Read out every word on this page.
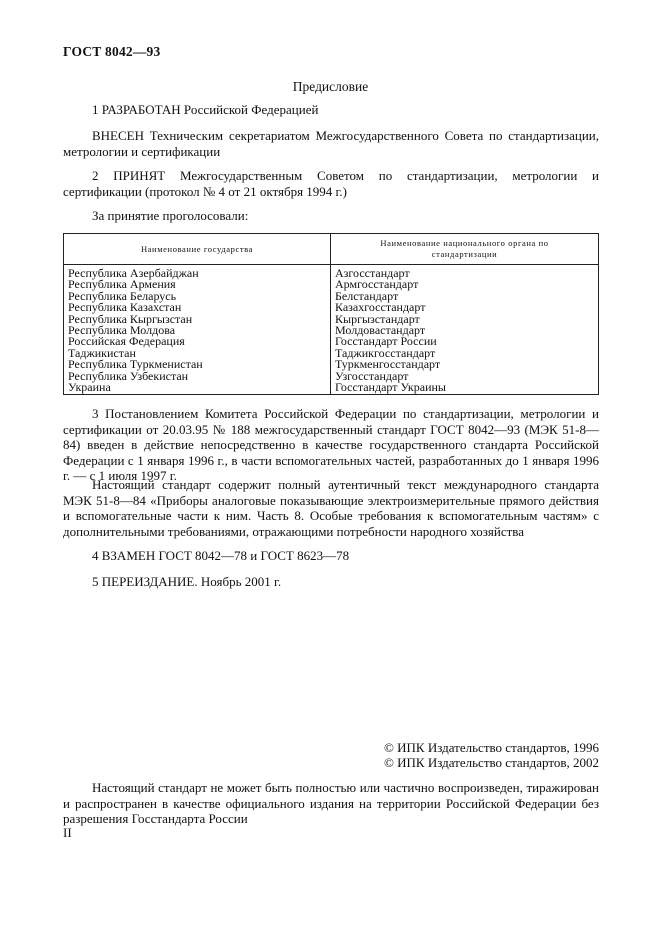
ГОСТ 8042—93
Предисловие

1 РАЗРАБОТАН Российской Федерацией

ВНЕСЕН Техническим секретариатом Межгосударственного Совета по стандартизации, метрологии и сертификации

2 ПРИНЯТ Межгосударственным Советом по стандартизации, метрологии и сертификации (протокол № 4 от 21 октября 1994 г.)

За принятие проголосовали:

Наименование государства	Наименование национального органа по стандартизации
Республика Азербайджан	Азгосстандарт
Республика Армения	Армгосстандарт
Республика Беларусь	Белстандарт
Республика Казахстан	Казахгосстандарт
Республика Кыргызстан	Кыргызстандарт
Республика Молдова	Молдовастандарт
Российская Федерация	Госстандарт России
Таджикистан	Таджикгосстандарт
Республика Туркменистан	Туркменгосстандарт
Республика Узбекистан	Узгосстандарт
Украина	Госстандарт Украины

3 Постановлением Комитета Российской Федерации по стандартизации, метрологии и сертификации от 20.03.95 № 188 межгосударственный стандарт ГОСТ 8042—93 (МЭК 51-8—84) введен в действие непосредственно в качестве государственного стандарта Российской Федерации с 1 января 1996 г., в части вспомогательных частей, разработанных до 1 января 1996 г. — с 1 июля 1997 г.

Настоящий стандарт содержит полный аутентичный текст международного стандарта МЭК 51-8—84 «Приборы аналоговые показывающие электроизмерительные прямого действия и вспомогательные части к ним. Часть 8. Особые требования к вспомогательным частям» с дополнительными требованиями, отражающими потребности народного хозяйства

4 ВЗАМЕН ГОСТ 8042—78 и ГОСТ 8623—78

5 ПЕРЕИЗДАНИЕ. Ноябрь 2001 г.

© ИПК Издательство стандартов, 1996
© ИПК Издательство стандартов, 2002

Настоящий стандарт не может быть полностью или частично воспроизведен, тиражирован и распространен в качестве официального издания на территории Российской Федерации без разрешения Госстандарта России

II
